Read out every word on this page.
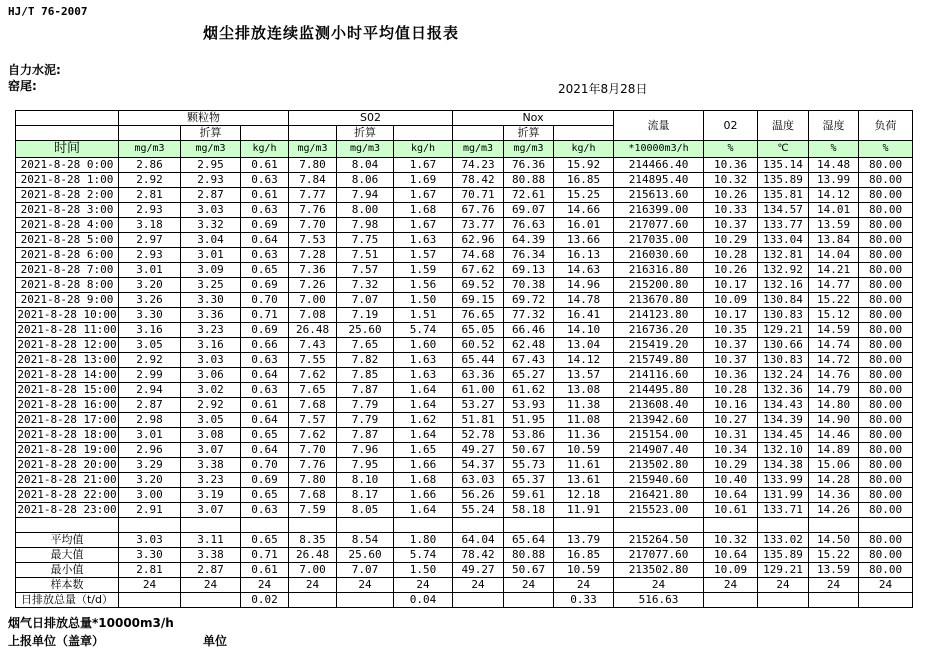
HJ/T 76-2007
烟尘排放连续监测小时平均值日报表
自力水泥:
窑尾:	2021年8月28日
	颗粒物			S02			Nox			流量	02	温度	湿度	负荷
		折算			折算			折算						
时间	mg/m3	mg/m3	kg/h	mg/m3	mg/m3	kg/h	mg/m3	mg/m3	kg/h	*10000m3/h	%	℃	%	%
2021-8-28 0:00	2.86	2.95	0.61	7.80	8.04	1.67	74.23	76.36	15.92	214466.40	10.36	135.14	14.48	80.00
2021-8-28 1:00	2.92	2.93	0.63	7.84	8.06	1.69	78.42	80.88	16.85	214895.40	10.32	135.89	13.99	80.00
2021-8-28 2:00	2.81	2.87	0.61	7.77	7.94	1.67	70.71	72.61	15.25	215613.60	10.26	135.81	14.12	80.00
2021-8-28 3:00	2.93	3.03	0.63	7.76	8.00	1.68	67.76	69.07	14.66	216399.00	10.33	134.57	14.01	80.00
2021-8-28 4:00	3.18	3.32	0.69	7.70	7.98	1.67	73.77	76.63	16.01	217077.60	10.37	133.77	13.59	80.00
2021-8-28 5:00	2.97	3.04	0.64	7.53	7.75	1.63	62.96	64.39	13.66	217035.00	10.29	133.04	13.84	80.00
2021-8-28 6:00	2.93	3.01	0.63	7.28	7.51	1.57	74.68	76.34	16.13	216030.60	10.28	132.81	14.04	80.00
2021-8-28 7:00	3.01	3.09	0.65	7.36	7.57	1.59	67.62	69.13	14.63	216316.80	10.26	132.92	14.21	80.00
2021-8-28 8:00	3.20	3.25	0.69	7.26	7.32	1.56	69.52	70.38	14.96	215200.80	10.17	132.16	14.77	80.00
2021-8-28 9:00	3.26	3.30	0.70	7.00	7.07	1.50	69.15	69.72	14.78	213670.80	10.09	130.84	15.22	80.00
2021-8-28 10:00	3.30	3.36	0.71	7.08	7.19	1.51	76.65	77.32	16.41	214123.80	10.17	130.83	15.12	80.00
2021-8-28 11:00	3.16	3.23	0.69	26.48	25.60	5.74	65.05	66.46	14.10	216736.20	10.35	129.21	14.59	80.00
2021-8-28 12:00	3.05	3.16	0.66	7.43	7.65	1.60	60.52	62.48	13.04	215419.20	10.37	130.66	14.74	80.00
2021-8-28 13:00	2.92	3.03	0.63	7.55	7.82	1.63	65.44	67.43	14.12	215749.80	10.37	130.83	14.72	80.00
2021-8-28 14:00	2.99	3.06	0.64	7.62	7.85	1.63	63.36	65.27	13.57	214116.60	10.36	132.24	14.76	80.00
2021-8-28 15:00	2.94	3.02	0.63	7.65	7.87	1.64	61.00	61.62	13.08	214495.80	10.28	132.36	14.79	80.00
2021-8-28 16:00	2.87	2.92	0.61	7.68	7.79	1.64	53.27	53.93	11.38	213608.40	10.16	134.43	14.80	80.00
2021-8-28 17:00	2.98	3.05	0.64	7.57	7.79	1.62	51.81	51.95	11.08	213942.60	10.27	134.39	14.90	80.00
2021-8-28 18:00	3.01	3.08	0.65	7.62	7.87	1.64	52.78	53.86	11.36	215154.00	10.31	134.45	14.46	80.00
2021-8-28 19:00	2.96	3.07	0.64	7.70	7.96	1.65	49.27	50.67	10.59	214907.40	10.34	132.10	14.89	80.00
2021-8-28 20:00	3.29	3.38	0.70	7.76	7.95	1.66	54.37	55.73	11.61	213502.80	10.29	134.38	15.06	80.00
2021-8-28 21:00	3.20	3.23	0.69	7.80	8.10	1.68	63.03	65.37	13.61	215940.60	10.40	133.99	14.28	80.00
2021-8-28 22:00	3.00	3.19	0.65	7.68	8.17	1.66	56.26	59.61	12.18	216421.80	10.64	131.99	14.36	80.00
2021-8-28 23:00	2.91	3.07	0.63	7.59	8.05	1.64	55.24	58.18	11.91	215523.00	10.61	133.71	14.26	80.00

平均值	3.03	3.11	0.65	8.35	8.54	1.80	64.04	65.64	13.79	215264.50	10.32	133.02	14.50	80.00
最大值	3.30	3.38	0.71	26.48	25.60	5.74	78.42	80.88	16.85	217077.60	10.64	135.89	15.22	80.00
最小值	2.81	2.87	0.61	7.00	7.07	1.50	49.27	50.67	10.59	213502.80	10.09	129.21	13.59	80.00
样本数	24	24	24	24	24	24	24	24	24	24	24	24	24	24
日排放总量（t/d）			0.02			0.04			0.33	516.63				
烟气日排放总量*10000m3/h
上报单位（盖章）	单位
